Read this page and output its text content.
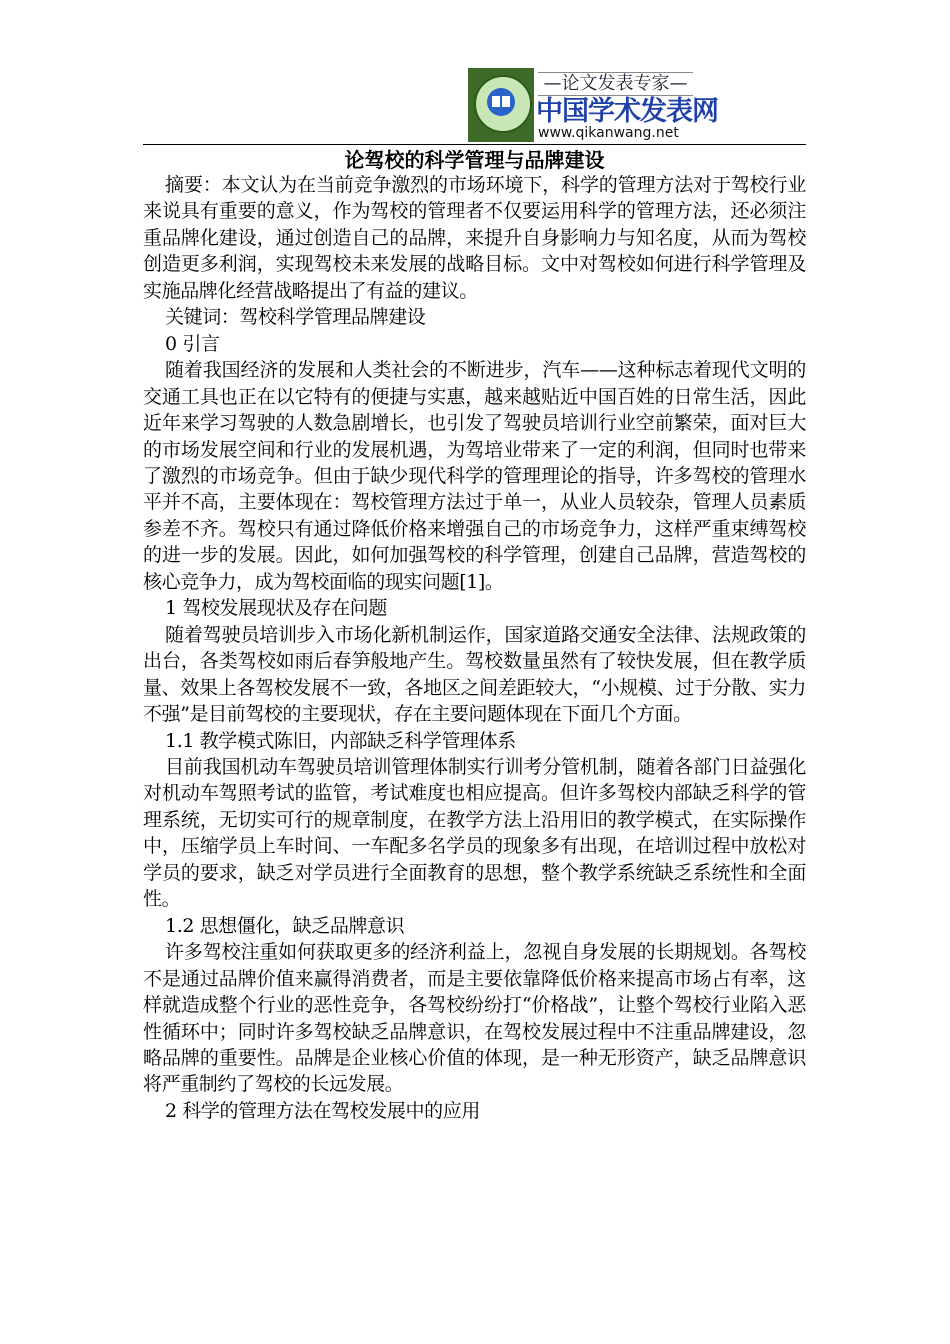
—论文发表专家—
中国学术发表网
www.qikanwang.net
论驾校的科学管理与品牌建设

摘要：本文认为在当前竞争激烈的市场环境下，科学的管理方法对于驾校行业来说具有重要的意义，作为驾校的管理者不仅要运用科学的管理方法，还必须注重品牌化建设，通过创造自己的品牌，来提升自身影响力与知名度，从而为驾校创造更多利润，实现驾校未来发展的战略目标。文中对驾校如何进行科学管理及实施品牌化经营战略提出了有益的建议。

关键词：驾校科学管理品牌建设

0 引言

随着我国经济的发展和人类社会的不断进步，汽车——这种标志着现代文明的交通工具也正在以它特有的便捷与实惠，越来越贴近中国百姓的日常生活，因此近年来学习驾驶的人数急剧增长，也引发了驾驶员培训行业空前繁荣，面对巨大的市场发展空间和行业的发展机遇，为驾培业带来了一定的利润，但同时也带来了激烈的市场竞争。但由于缺少现代科学的管理理论的指导，许多驾校的管理水平并不高，主要体现在：驾校管理方法过于单一，从业人员较杂，管理人员素质参差不齐。驾校只有通过降低价格来增强自己的市场竞争力，这样严重束缚驾校的进一步的发展。因此，如何加强驾校的科学管理，创建自己品牌，营造驾校的核心竞争力，成为驾校面临的现实问题[1]。

1 驾校发展现状及存在问题

随着驾驶员培训步入市场化新机制运作，国家道路交通安全法律、法规政策的出台，各类驾校如雨后春笋般地产生。驾校数量虽然有了较快发展，但在教学质量、效果上各驾校发展不一致，各地区之间差距较大，“小规模、过于分散、实力不强”是目前驾校的主要现状，存在主要问题体现在下面几个方面。

1.1 教学模式陈旧，内部缺乏科学管理体系

目前我国机动车驾驶员培训管理体制实行训考分管机制，随着各部门日益强化对机动车驾照考试的监管，考试难度也相应提高。但许多驾校内部缺乏科学的管理系统，无切实可行的规章制度，在教学方法上沿用旧的教学模式，在实际操作中，压缩学员上车时间、一车配多名学员的现象多有出现，在培训过程中放松对学员的要求，缺乏对学员进行全面教育的思想，整个教学系统缺乏系统性和全面性。

1.2 思想僵化，缺乏品牌意识

许多驾校注重如何获取更多的经济利益上，忽视自身发展的长期规划。各驾校不是通过品牌价值来赢得消费者，而是主要依靠降低价格来提高市场占有率，这样就造成整个行业的恶性竞争，各驾校纷纷打“价格战”，让整个驾校行业陷入恶性循环中；同时许多驾校缺乏品牌意识，在驾校发展过程中不注重品牌建设，忽略品牌的重要性。品牌是企业核心价值的体现，是一种无形资产，缺乏品牌意识将严重制约了驾校的长远发展。

2 科学的管理方法在驾校发展中的应用
